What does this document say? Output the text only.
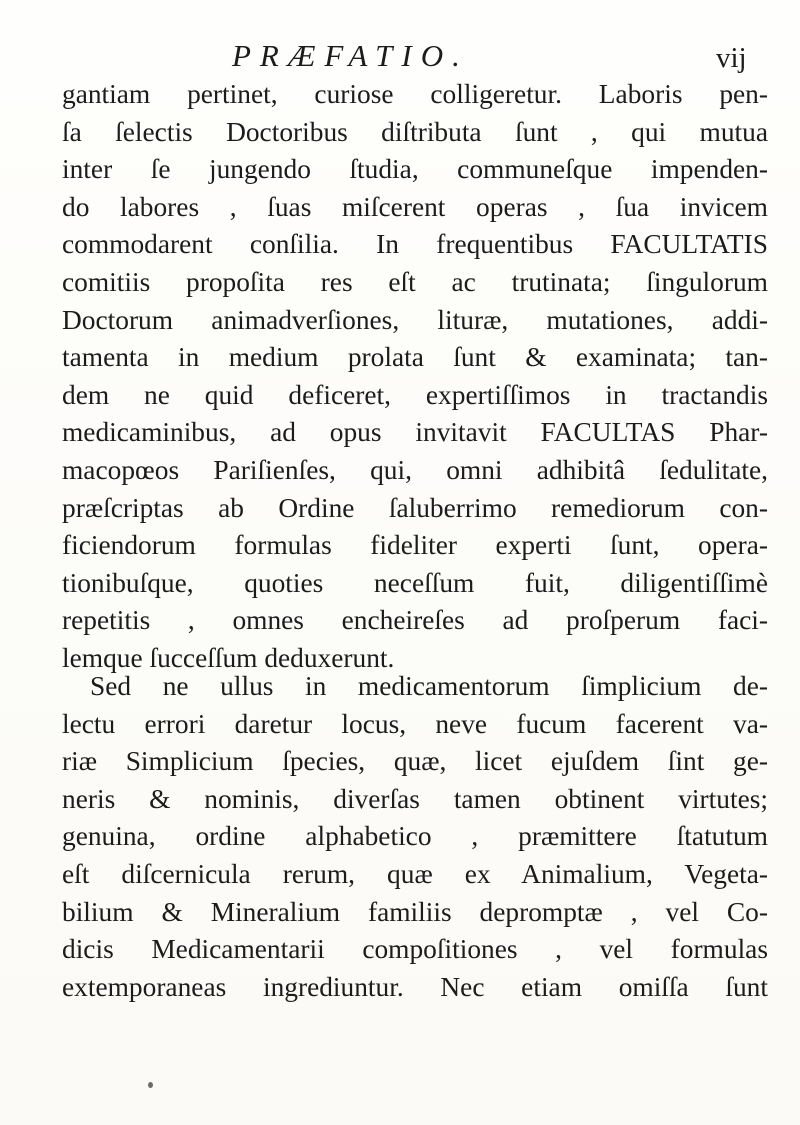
PRÆFATIO.	vij
gantiam pertinet, curiose colligeretur. Laboris pen-
ſa ſelectis Doctoribus diſtributa ſunt , qui mutua
inter ſe jungendo ſtudia, communeſque impenden-
do labores , ſuas miſcerent operas , ſua invicem
commodarent conſilia. In frequentibus FACULTATIS
comitiis propoſita res eſt ac trutinata; ſingulorum
Doctorum animadverſiones, lituræ, mutationes, addi-
tamenta in medium prolata ſunt & examinata; tan-
dem ne quid deficeret, expertiſſimos in tractandis
medicaminibus, ad opus invitavit FACULTAS Phar-
macopœos Pariſienſes, qui, omni adhibitâ ſedulitate,
præſcriptas ab Ordine ſaluberrimo remediorum con-
ficiendorum formulas fideliter experti ſunt, opera-
tionibuſque, quoties neceſſum fuit, diligentiſſimè
repetitis , omnes encheireſes ad proſperum faci-
lemque ſucceſſum deduxerunt.
Sed ne ullus in medicamentorum ſimplicium de-
lectu errori daretur locus, neve fucum facerent va-
riæ Simplicium ſpecies, quæ, licet ejuſdem ſint ge-
neris & nominis, diverſas tamen obtinent virtutes;
genuina, ordine alphabetico , præmittere ſtatutum
eſt diſcernicula rerum, quæ ex Animalium, Vegeta-
bilium & Mineralium familiis depromptæ , vel Co-
dicis Medicamentarii compoſitiones , vel formulas
extemporaneas ingrediuntur. Nec etiam omiſſa ſunt
